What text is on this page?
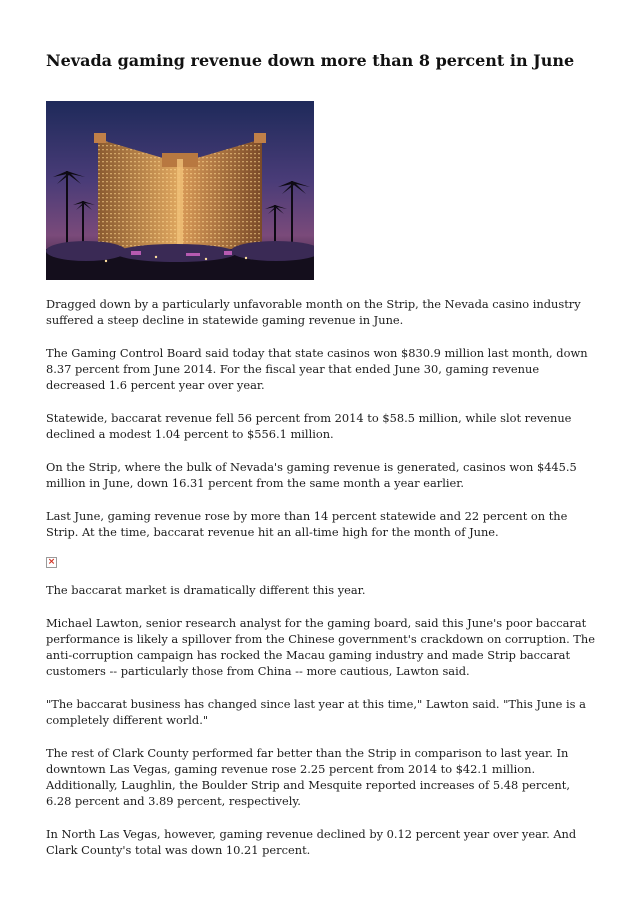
Nevada gaming revenue down more than 8 percent in June

Dragged down by a particularly unfavorable month on the Strip, the Nevada casino industry suffered a steep decline in statewide gaming revenue in June.

The Gaming Control Board said today that state casinos won $830.9 million last month, down 8.37 percent from June 2014. For the fiscal year that ended June 30, gaming revenue decreased 1.6 percent year over year.

Statewide, baccarat revenue fell 56 percent from 2014 to $58.5 million, while slot revenue declined a modest 1.04 percent to $556.1 million.

On the Strip, where the bulk of Nevada's gaming revenue is generated, casinos won $445.5 million in June, down 16.31 percent from the same month a year earlier.

Last June, gaming revenue rose by more than 14 percent statewide and 22 percent on the Strip. At the time, baccarat revenue hit an all-time high for the month of June.

×

The baccarat market is dramatically different this year.

Michael Lawton, senior research analyst for the gaming board, said this June's poor baccarat performance is likely a spillover from the Chinese government's crackdown on corruption. The anti-corruption campaign has rocked the Macau gaming industry and made Strip baccarat customers -- particularly those from China -- more cautious, Lawton said.

"The baccarat business has changed since last year at this time," Lawton said. "This June is a completely different world."

The rest of Clark County performed far better than the Strip in comparison to last year. In downtown Las Vegas, gaming revenue rose 2.25 percent from 2014 to $42.1 million. Additionally, Laughlin, the Boulder Strip and Mesquite reported increases of 5.48 percent, 6.28 percent and 3.89 percent, respectively.

In North Las Vegas, however, gaming revenue declined by 0.12 percent year over year. And Clark County's total was down 10.21 percent.
